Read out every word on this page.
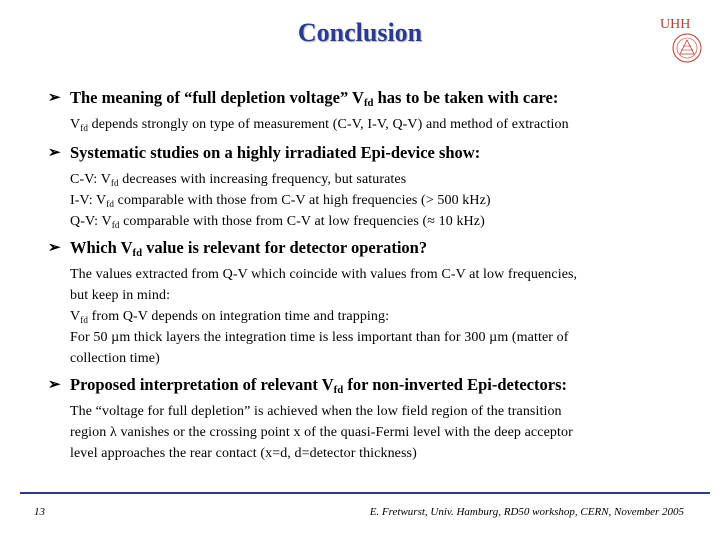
Conclusion	UHH
➢ The meaning of “full depletion voltage” $V_{fd}$ has to be taken with care:
$V_{fd}$ depends strongly on type of measurement (C-V, I-V, Q-V) and method of extraction
➢ Systematic studies on a highly irradiated Epi-device show:
C-V: $V_{fd}$ decreases with increasing frequency, but saturates
I-V: $V_{fd}$ comparable with those from C-V at high frequencies (> 500 kHz)
Q-V: $V_{fd}$ comparable with those from C-V at low frequencies (≈ 10 kHz)
➢ Which $V_{fd}$ value is relevant for detector operation?
The values extracted from Q-V which coincide with values from C-V at low frequencies,
but keep in mind:
$V_{fd}$ from Q-V depends on integration time and trapping:
For 50 µm thick layers the integration time is less important than for 300 µm (matter of
collection time)
➢ Proposed interpretation of relevant $V_{fd}$ for non-inverted Epi-detectors:
The “voltage for full depletion” is achieved when the low field region of the transition
region λ vanishes or the crossing point x of the quasi-Fermi level with the deep acceptor
level approaches the rear contact (x=d, d=detector thickness)
13	E. Fretwurst, Univ. Hamburg, RD50 workshop, CERN, November 2005
